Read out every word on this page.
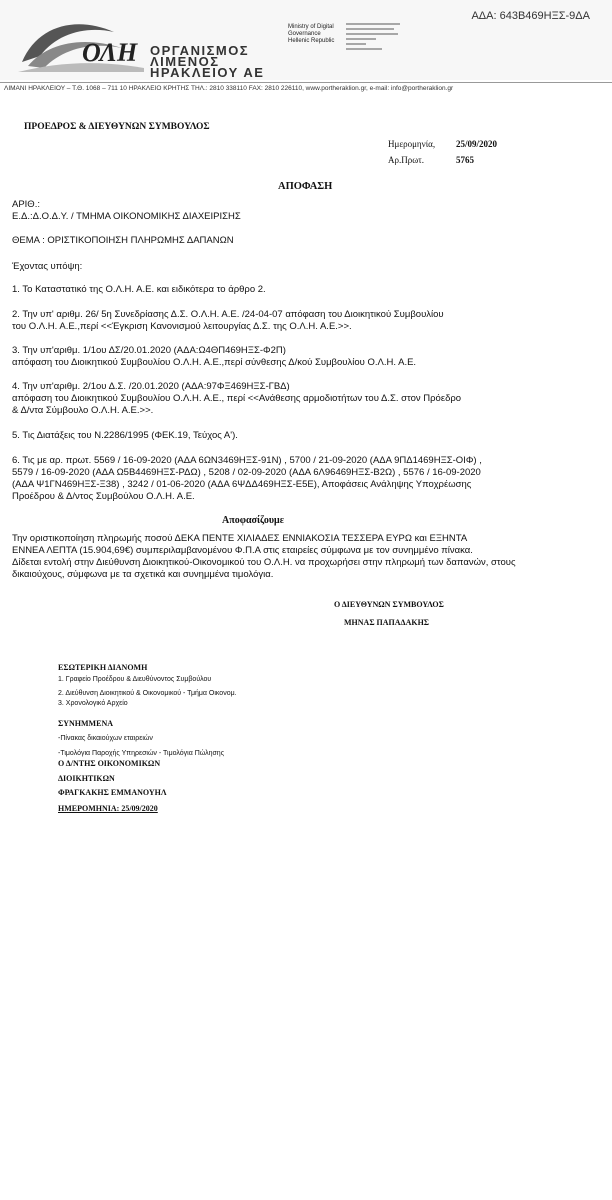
ΑΔΑ: 643Β469ΗΞΣ-9ΔΑ
ΟΛΗ ΟΡΓΑΝΙΣΜΟΣ
ΛΙΜΕΝΟΣ
ΗΡΑΚΛΕΙΟΥ ΑΕ
Ministry of Digital
Governance
Hellenic Republic
ΛΙΜΑΝΙ ΗΡΑΚΛΕΙΟΥ – Τ.Θ. 1068 – 711 10 ΗΡΑΚΛΕΙΟ ΚΡΗΤΗΣ ΤΗΛ.: 2810 338110 FAX: 2810 226110, www.portheraklion.gr, e-mail: info@portheraklion.gr
ΠΡΟΕΔΡΟΣ & ΔΙΕΥΘΥΝΩΝ ΣΥΜΒΟΥΛΟΣ
Ημερομηνία, 25/09/2020
Αρ.Πρωτ.	5765
ΑΠΟΦΑΣΗ
ΑΡΙΘ.:
Ε.Δ.:Δ.Ο.Δ.Υ. / ΤΜΗΜΑ ΟΙΚΟΝΟΜΙΚΗΣ ΔΙΑΧΕΙΡΙΣΗΣ
ΘΕΜΑ : ΟΡΙΣΤΙΚΟΠΟΙΗΣΗ ΠΛΗΡΩΜΗΣ ΔΑΠΑΝΩΝ
Έχοντας υπόψη:
1. Το Καταστατικό της Ο.Λ.Η. Α.Ε. και ειδικότερα το άρθρο 2.
2. Την υπ' αριθμ. 26/ 5η Συνεδρίασης Δ.Σ. Ο.Λ.Η. Α.Ε. /24-04-07 απόφαση του Διοικητικού Συμβουλίου
του Ο.Λ.Η. Α.Ε.,περί <<Έγκριση Κανονισμού λειτουργίας Δ.Σ. της Ο.Λ.Η. Α.Ε.>>.
3. Την υπ'αριθμ. 1/1ου ΔΣ/20.01.2020 (ΑΔΑ:Ω4ΘΠ469ΗΞΣ-Φ2Π)
απόφαση του Διοικητικού Συμβουλίου Ο.Λ.Η. Α.Ε.,περί σύνθεσης Δ/κού Συμβουλίου Ο.Λ.Η. Α.Ε.
4. Την υπ'αριθμ. 2/1ου Δ.Σ. /20.01.2020 (ΑΔΑ:97ΦΞ469ΗΞΣ-ΓΒΔ)
απόφαση του Διοικητικού Συμβουλίου Ο.Λ.Η. Α.Ε., περί <<Ανάθεσης αρμοδιοτήτων του Δ.Σ. στον Πρόεδρο
& Δ/ντα Σύμβουλο Ο.Λ.Η. Α.Ε.>>.
5. Τις Διατάξεις του Ν.2286/1995 (ΦΕΚ.19, Τεύχος Α').
6. Τις με αρ. πρωτ. 5569 / 16-09-2020 (ΑΔΑ 6ΩΝ3469ΗΞΣ-91Ν) , 5700 / 21-09-2020 (ΑΔΑ 9ΠΔ1469ΗΞΣ-ΟΙΦ) ,
5579 / 16-09-2020 (ΑΔΑ Ω5Β4469ΗΞΣ-ΡΔΩ) , 5208 / 02-09-2020 (ΑΔΑ 6Λ96469ΗΞΣ-Β2Ω) , 5576 / 16-09-2020
(ΑΔΑ Ψ1ΓΝ469ΗΞΣ-Ξ38) , 3242 / 01-06-2020 (ΑΔΑ 6ΨΔΔ469ΗΞΣ-Ε5Ε), Αποφάσεις Ανάληψης Υποχρέωσης
Προέδρου & Δ/ντος Συμβούλου Ο.Λ.Η. Α.Ε.
Αποφασίζουμε
Την οριστικοποίηση πληρωμής ποσού ΔΕΚΑ ΠΕΝΤΕ ΧΙΛΙΑΔΕΣ ΕΝΝΙΑΚΟΣΙΑ ΤΕΣΣΕΡΑ ΕΥΡΩ και ΕΞΗΝΤΑ
ΕΝΝΕΑ ΛΕΠΤΑ (15.904,69€) συμπεριλαμβανομένου Φ.Π.Α στις εταιρείες σύμφωνα με τον συνημμένο πίνακα.
Δίδεται εντολή στην Διεύθυνση Διοικητικού-Οικονομικού του Ο.Λ.Η. να προχωρήσει στην πληρωμή των δαπανών, στους
δικαιούχους, σύμφωνα με τα σχετικά και συνημμένα τιμολόγια.
Ο ΔΙΕΥΘΥΝΩΝ ΣΥΜΒΟΥΛΟΣ
ΜΗΝΑΣ ΠΑΠΑΔΑΚΗΣ
ΕΣΩΤΕΡΙΚΗ ΔΙΑΝΟΜΗ
1. Γραφείο Προέδρου & Διευθύνοντος Συμβούλου
2. Διεύθυνση Διοικητικού & Οικονομικού - Τμήμα Οικονομ.
3. Χρονολογικό Αρχείο
ΣΥΝΗΜΜΕΝΑ
-Πίνακας δικαιούχων εταιρειών
-Τιμολόγια Παροχής Υπηρεσιών - Τιμολόγια Πώλησης
Ο Δ/ΝΤΗΣ ΟΙΚΟΝΟΜΙΚΩΝ
ΔΙΟΙΚΗΤΙΚΩΝ
ΦΡΑΓΚΑΚΗΣ ΕΜΜΑΝΟΥΗΛ
ΗΜΕΡΟΜΗΝΙΑ: 25/09/2020
